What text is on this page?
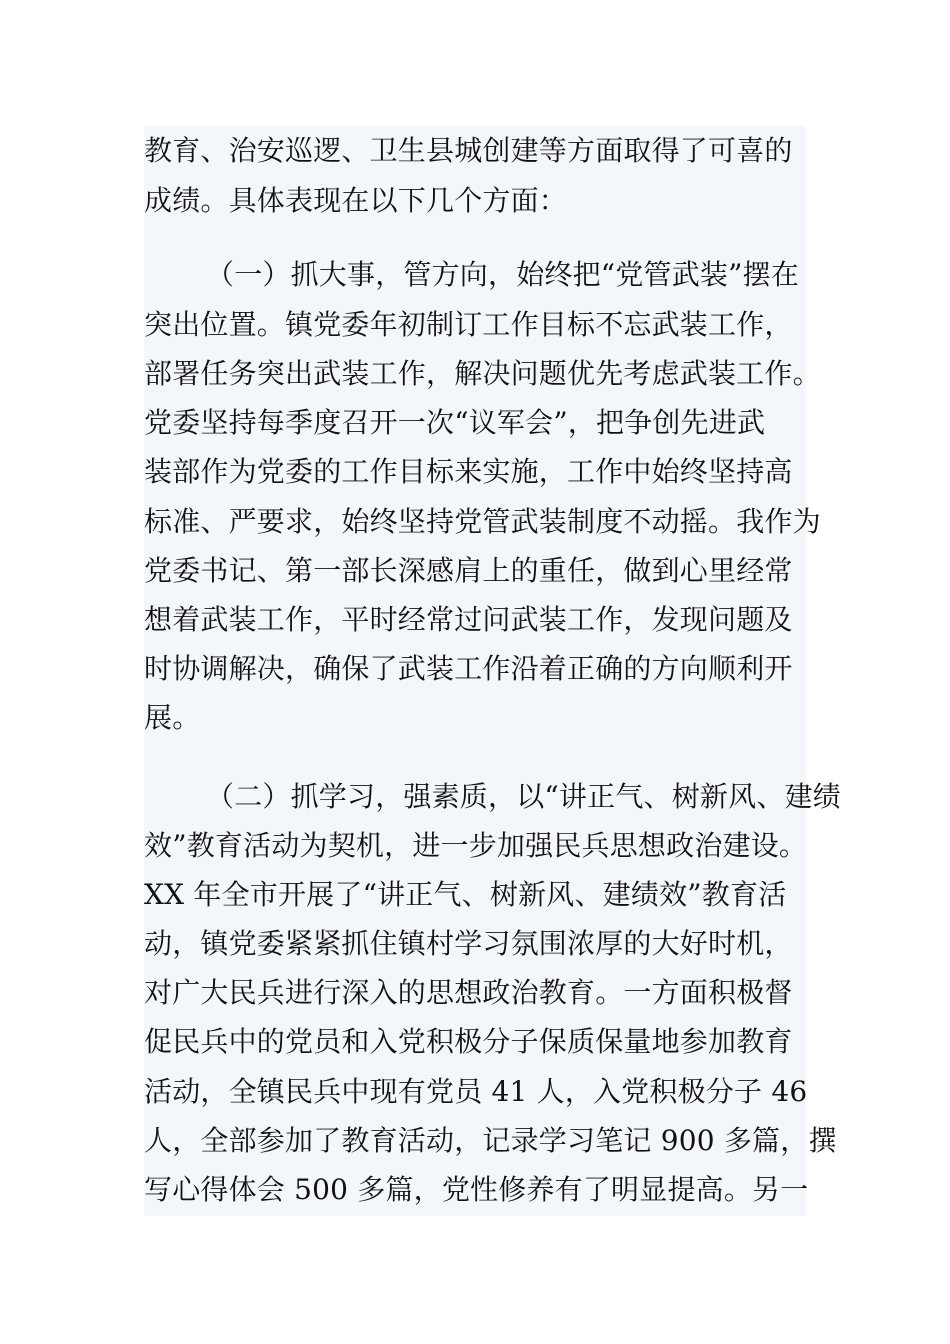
教育、治安巡逻、卫生县城创建等方面取得了可喜的
成绩。具体表现在以下几个方面：
（一）抓大事，管方向，始终把“党管武装”摆在
突出位置。镇党委年初制订工作目标不忘武装工作，
部署任务突出武装工作，解决问题优先考虑武装工作。
党委坚持每季度召开一次“议军会”，把争创先进武
装部作为党委的工作目标来实施，工作中始终坚持高
标准、严要求，始终坚持党管武装制度不动摇。我作为
党委书记、第一部长深感肩上的重任，做到心里经常
想着武装工作，平时经常过问武装工作，发现问题及
时协调解决，确保了武装工作沿着正确的方向顺利开
展。
（二）抓学习，强素质，以“讲正气、树新风、建绩
效”教育活动为契机，进一步加强民兵思想政治建设。
XX 年全市开展了“讲正气、树新风、建绩效”教育活
动，镇党委紧紧抓住镇村学习氛围浓厚的大好时机，
对广大民兵进行深入的思想政治教育。一方面积极督
促民兵中的党员和入党积极分子保质保量地参加教育
活动，全镇民兵中现有党员 41 人，入党积极分子 46
人，全部参加了教育活动，记录学习笔记 900 多篇，撰
写心得体会 500 多篇，党性修养有了明显提高。另一
